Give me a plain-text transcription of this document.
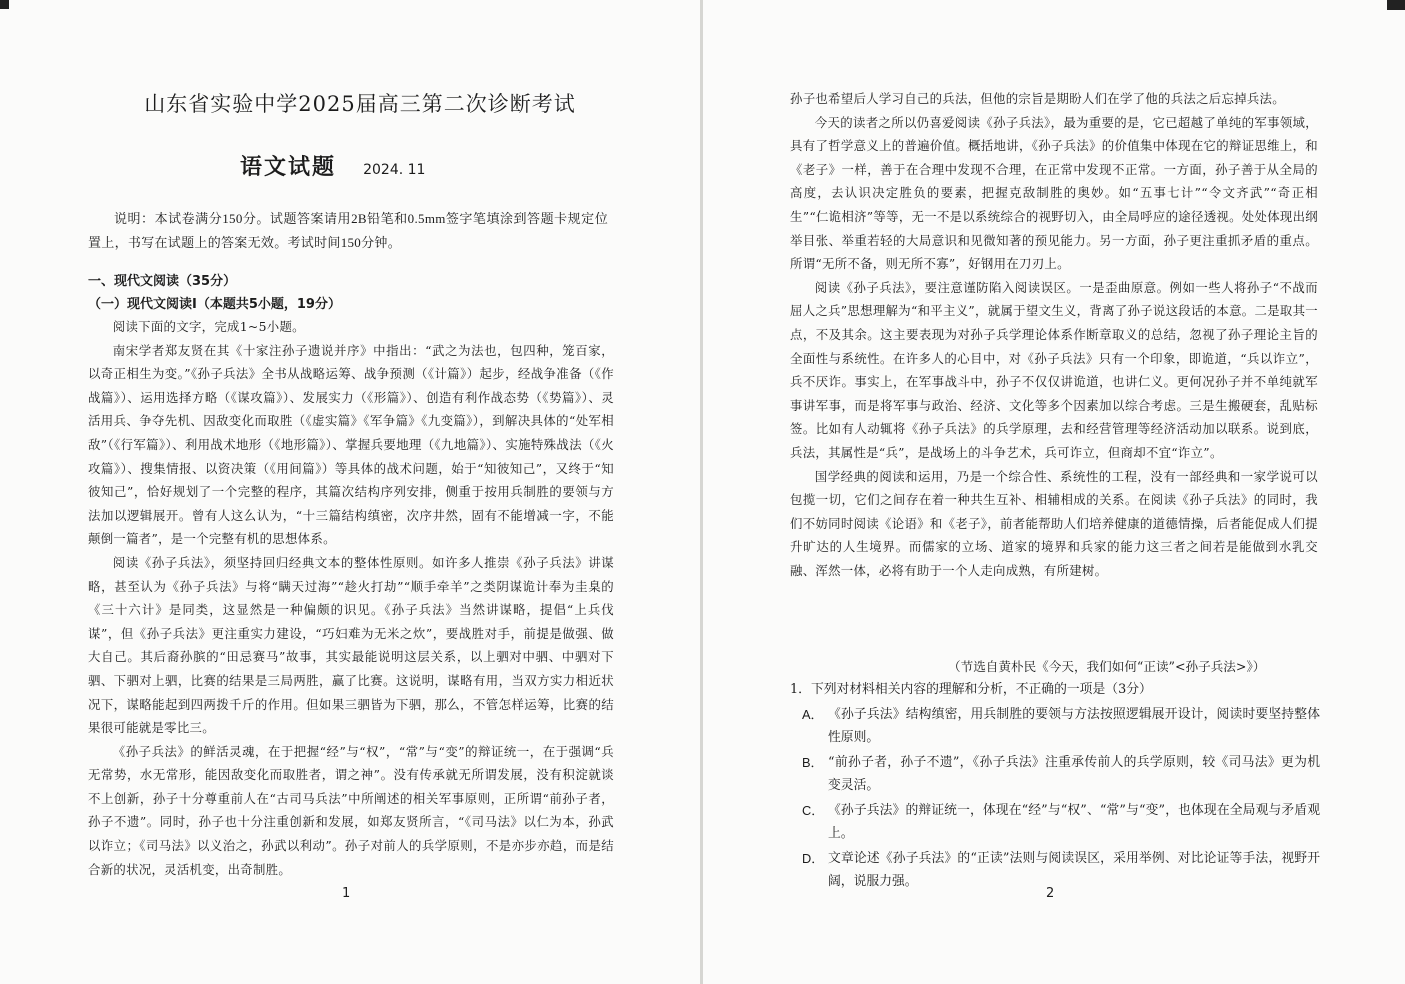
山东省实验中学2025届高三第二次诊断考试
语文试题 2024. 11

说明：本试卷满分150分。试题答案请用2B铅笔和0.5mm签字笔填涂到答题卡规定位置上，书写在试题上的答案无效。考试时间150分钟。

一、现代文阅读（35分）
（一）现代文阅读Ⅰ（本题共5小题，19分）

阅读下面的文字，完成1~5小题。

南宋学者郑友贤在其《十家注孙子遗说并序》中指出：“武之为法也，包四种，笼百家，以奇正相生为变。”《孙子兵法》全书从战略运筹、战争预测（《计篇》）起步，经战争准备（《作战篇》）、运用选择方略（《谋攻篇》）、发展实力（《形篇》）、创造有利作战态势（《势篇》）、灵活用兵、争夺先机、因敌变化而取胜（《虚实篇》《军争篇》《九变篇》），到解决具体的“处军相敌”（《行军篇》）、利用战术地形（《地形篇》）、掌握兵要地理（《九地篇》）、实施特殊战法（《火攻篇》）、搜集情报、以资决策（《用间篇》）等具体的战术问题，始于“知彼知己”，又终于“知彼知己”，恰好规划了一个完整的程序，其篇次结构序列安排，侧重于按用兵制胜的要领与方法加以逻辑展开。曾有人这么认为，“十三篇结构缜密，次序井然，固有不能增减一字，不能颠倒一篇者”，是一个完整有机的思想体系。

阅读《孙子兵法》，须坚持回归经典文本的整体性原则。如许多人推崇《孙子兵法》讲谋略，甚至认为《孙子兵法》与将“瞒天过海”“趁火打劫”“顺手牵羊”之类阴谋诡计奉为圭臬的《三十六计》是同类，这显然是一种偏颇的识见。《孙子兵法》当然讲谋略，提倡“上兵伐谋”，但《孙子兵法》更注重实力建设，“巧妇难为无米之炊”，要战胜对手，前提是做强、做大自己。其后裔孙膑的“田忌赛马”故事，其实最能说明这层关系，以上驷对中驷、中驷对下驷、下驷对上驷，比赛的结果是三局两胜，赢了比赛。这说明，谋略有用，当双方实力相近状况下，谋略能起到四两拨千斤的作用。但如果三驷皆为下驷，那么，不管怎样运筹，比赛的结果很可能就是零比三。

《孙子兵法》的鲜活灵魂，在于把握“经”与“权”，“常”与“变”的辩证统一，在于强调“兵无常势，水无常形，能因敌变化而取胜者，谓之神”。没有传承就无所谓发展，没有积淀就谈不上创新，孙子十分尊重前人在“古司马兵法”中所阐述的相关军事原则，正所谓“前孙子者，孙子不遗”。同时，孙子也十分注重创新和发展，如郑友贤所言，“《司马法》以仁为本，孙武以诈立；《司马法》以义治之，孙武以利动”。孙子对前人的兵学原则，不是亦步亦趋，而是结合新的状况，灵活机变，出奇制胜。

1

孙子也希望后人学习自己的兵法，但他的宗旨是期盼人们在学了他的兵法之后忘掉兵法。

今天的读者之所以仍喜爱阅读《孙子兵法》，最为重要的是，它已超越了单纯的军事领域，具有了哲学意义上的普遍价值。概括地讲，《孙子兵法》的价值集中体现在它的辩证思维上，和《老子》一样，善于在合理中发现不合理，在正常中发现不正常。一方面，孙子善于从全局的高度，去认识决定胜负的要素，把握克敌制胜的奥妙。如“五事七计”“令文齐武”“奇正相生”“仁诡相济”等等，无一不是以系统综合的视野切入，由全局呼应的途径透视。处处体现出纲举目张、举重若轻的大局意识和见微知著的预见能力。另一方面，孙子更注重抓矛盾的重点。所谓“无所不备，则无所不寡”，好钢用在刀刃上。

阅读《孙子兵法》，要注意谨防陷入阅读误区。一是歪曲原意。例如一些人将孙子“不战而屈人之兵”思想理解为“和平主义”，就属于望文生义，背离了孙子说这段话的本意。二是取其一点，不及其余。这主要表现为对孙子兵学理论体系作断章取义的总结，忽视了孙子理论主旨的全面性与系统性。在许多人的心目中，对《孙子兵法》只有一个印象，即诡道，“兵以诈立”，兵不厌诈。事实上，在军事战斗中，孙子不仅仅讲诡道，也讲仁义。更何况孙子并不单纯就军事讲军事，而是将军事与政治、经济、文化等多个因素加以综合考虑。三是生搬硬套，乱贴标签。比如有人动辄将《孙子兵法》的兵学原理，去和经营管理等经济活动加以联系。说到底，兵法，其属性是“兵”，是战场上的斗争艺术，兵可诈立，但商却不宜“诈立”。

国学经典的阅读和运用，乃是一个综合性、系统性的工程，没有一部经典和一家学说可以包揽一切，它们之间存在着一种共生互补、相辅相成的关系。在阅读《孙子兵法》的同时，我们不妨同时阅读《论语》和《老子》，前者能帮助人们培养健康的道德情操，后者能促成人们提升旷达的人生境界。而儒家的立场、道家的境界和兵家的能力这三者之间若是能做到水乳交融、浑然一体，必将有助于一个人走向成熟，有所建树。

（节选自黄朴民《今天，我们如何“正读”<孙子兵法>》）
1．下列对材料相关内容的理解和分析，不正确的一项是（3分）
A． 《孙子兵法》结构缜密，用兵制胜的要领与方法按照逻辑展开设计，阅读时要坚持整体性原则。
B． “前孙子者，孙子不遗”，《孙子兵法》注重承传前人的兵学原则，较《司马法》更为机变灵活。
C． 《孙子兵法》的辩证统一，体现在“经”与“权”、“常”与“变”，也体现在全局观与矛盾观上。
D． 文章论述《孙子兵法》的“正读”法则与阅读误区，采用举例、对比论证等手法，视野开阔，说服力强。
2
